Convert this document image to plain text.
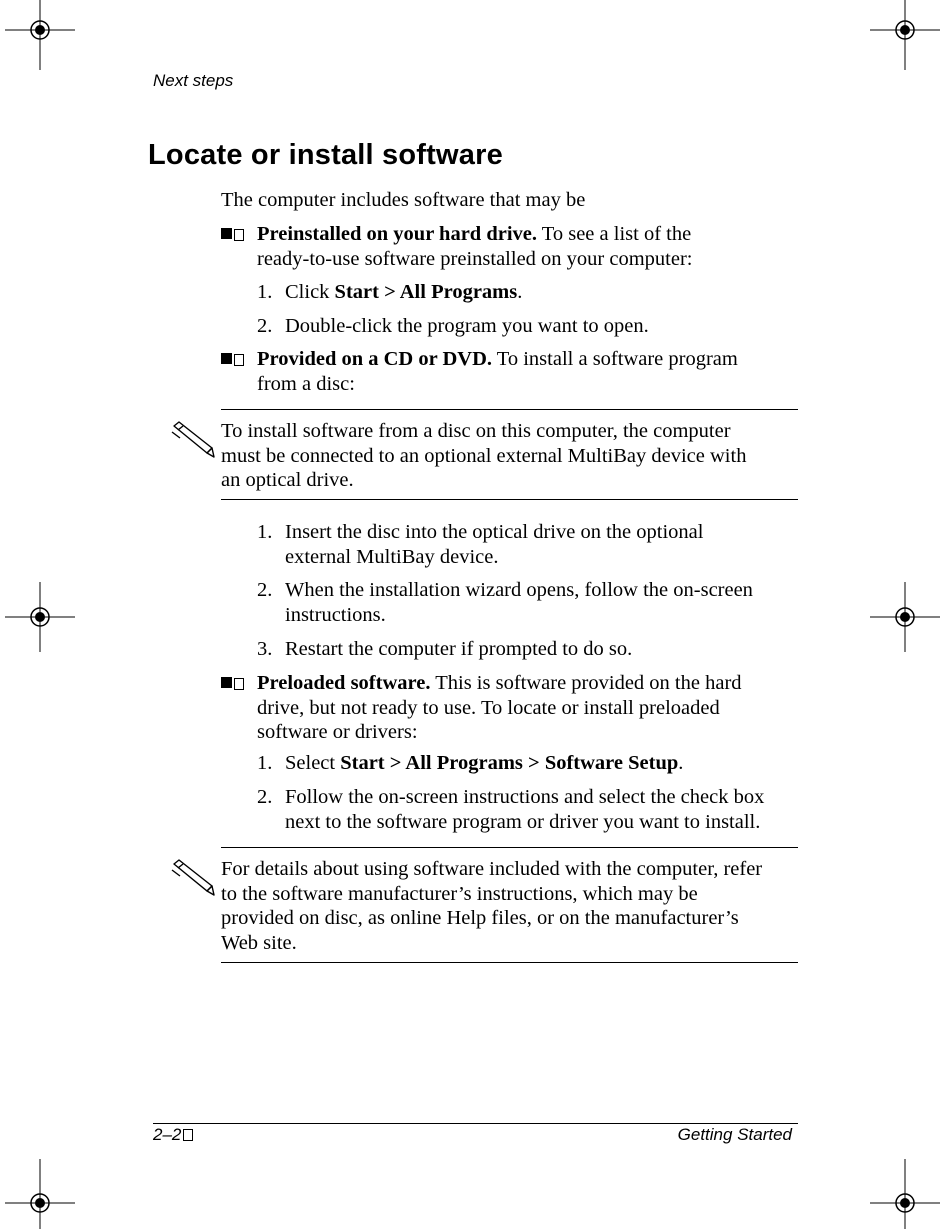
Next steps
Locate or install software
The computer includes software that may be
Preinstalled on your hard drive. To see a list of the
ready-to-use software preinstalled on your computer:
1. Click Start > All Programs.
2. Double-click the program you want to open.
Provided on a CD or DVD. To install a software program
from a disc:
To install software from a disc on this computer, the computer
must be connected to an optional external MultiBay device with
an optical drive.
1. Insert the disc into the optical drive on the optional
external MultiBay device.
2. When the installation wizard opens, follow the on-screen
instructions.
3. Restart the computer if prompted to do so.
Preloaded software. This is software provided on the hard
drive, but not ready to use. To locate or install preloaded
software or drivers:
1. Select Start > All Programs > Software Setup.
2. Follow the on-screen instructions and select the check box
next to the software program or driver you want to install.
For details about using software included with the computer, refer
to the software manufacturer’s instructions, which may be
provided on disc, as online Help files, or on the manufacturer’s
Web site.
2–2	Getting Started
